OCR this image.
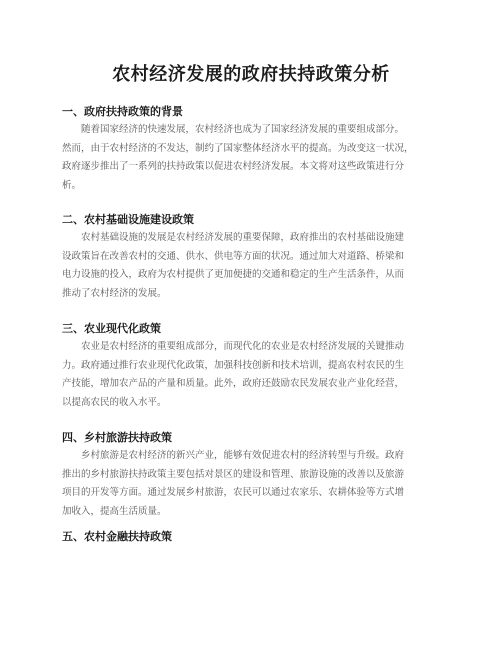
农村经济发展的政府扶持政策分析
一、政府扶持政策的背景
随着国家经济的快速发展，农村经济也成为了国家经济发展的重要组成部分。
然而，由于农村经济的不发达，制约了国家整体经济水平的提高。为改变这一状况，
政府逐步推出了一系列的扶持政策以促进农村经济发展。本文将对这些政策进行分
析。
二、农村基础设施建设政策
农村基础设施的发展是农村经济发展的重要保障，政府推出的农村基础设施建
设政策旨在改善农村的交通、供水、供电等方面的状况。通过加大对道路、桥梁和
电力设施的投入，政府为农村提供了更加便捷的交通和稳定的生产生活条件，从而
推动了农村经济的发展。
三、农业现代化政策
农业是农村经济的重要组成部分，而现代化的农业是农村经济发展的关键推动
力。政府通过推行农业现代化政策，加强科技创新和技术培训，提高农村农民的生
产技能，增加农产品的产量和质量。此外，政府还鼓励农民发展农业产业化经营，
以提高农民的收入水平。
四、乡村旅游扶持政策
乡村旅游是农村经济的新兴产业，能够有效促进农村的经济转型与升级。政府
推出的乡村旅游扶持政策主要包括对景区的建设和管理、旅游设施的改善以及旅游
项目的开发等方面。通过发展乡村旅游，农民可以通过农家乐、农耕体验等方式增
加收入，提高生活质量。
五、农村金融扶持政策
